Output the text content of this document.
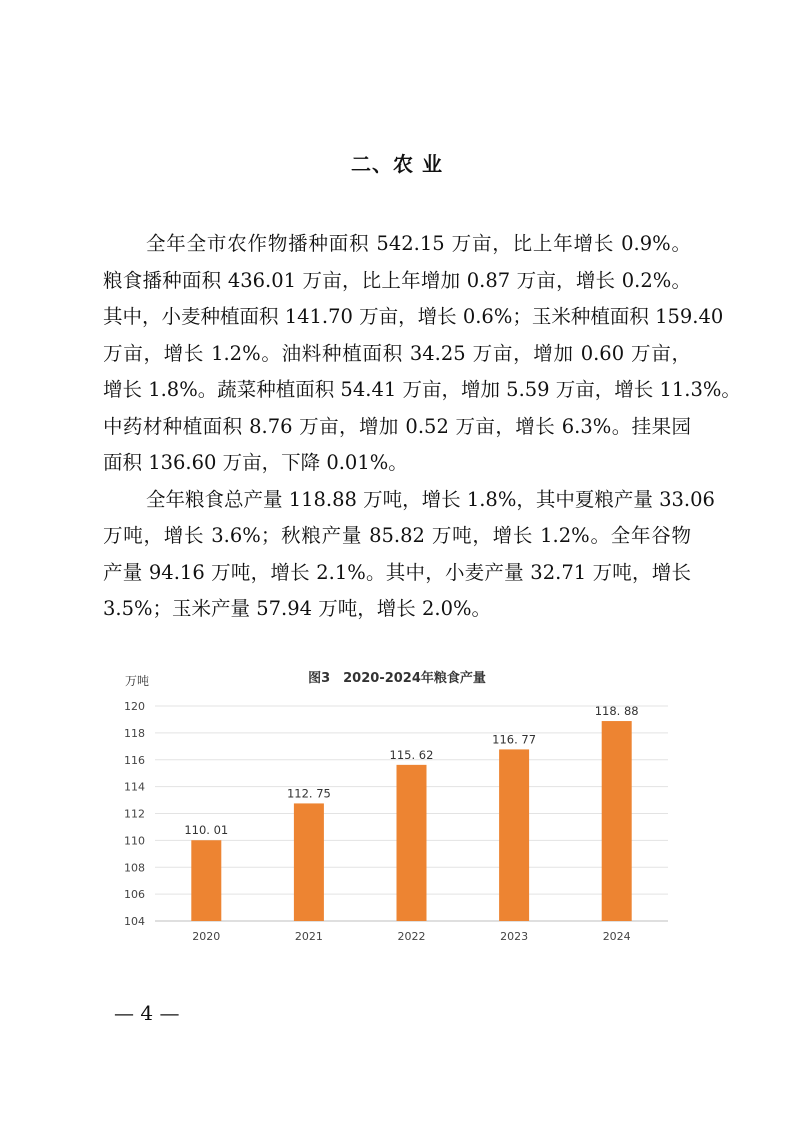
二、农 业
全年全市农作物播种面积 542.15 万亩，比上年增长 0.9%。
粮食播种面积 436.01 万亩，比上年增加 0.87 万亩，增长 0.2%。
其中，小麦种植面积 141.70 万亩，增长 0.6%；玉米种植面积 159.40
万亩，增长 1.2%。油料种植面积 34.25 万亩，增加 0.60 万亩，
增长 1.8%。蔬菜种植面积 54.41 万亩，增加 5.59 万亩，增长 11.3%。
中药材种植面积 8.76 万亩，增加 0.52 万亩，增长 6.3%。挂果园
面积 136.60 万亩，下降 0.01%。
全年粮食总产量 118.88 万吨，增长 1.8%，其中夏粮产量 33.06
万吨，增长 3.6%；秋粮产量 85.82 万吨，增长 1.2%。全年谷物
产量 94.16 万吨，增长 2.1%。其中，小麦产量 32.71 万吨，增长
3.5%；玉米产量 57.94 万吨，增长 2.0%。
图3　2020-2024年粮食产量
万吨
104
106
108
110
112
114
116
118
120
110. 01
2020
112. 75
2021
115. 62
2022
116. 77
2023
118. 88
2024
— 4 —
